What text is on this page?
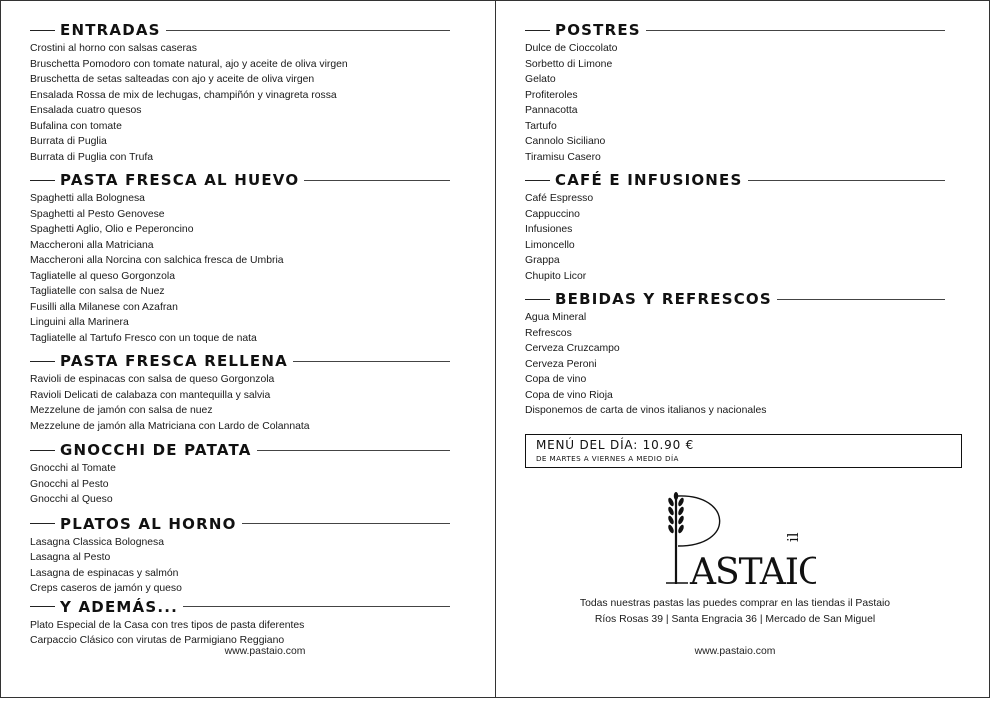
ENTRADAS
Crostini al horno con salsas caseras
Bruschetta Pomodoro con tomate natural, ajo y aceite de oliva virgen
Bruschetta de setas salteadas con ajo y aceite de oliva virgen
Ensalada Rossa de mix de lechugas, champiñón y vinagreta rossa
Ensalada cuatro quesos
Bufalina con tomate
Burrata di Puglia
Burrata di Puglia con Trufa
PASTA FRESCA AL HUEVO
Spaghetti alla Bolognesa
Spaghetti al Pesto Genovese
Spaghetti Aglio, Olio e Peperoncino
Maccheroni alla Matriciana
Maccheroni alla Norcina con salchica fresca de Umbria
Tagliatelle al queso Gorgonzola
Tagliatelle con salsa de Nuez
Fusilli alla Milanese con Azafran
Linguini alla Marinera
Tagliatelle al Tartufo Fresco con un toque de nata
PASTA FRESCA RELLENA
Ravioli de espinacas con salsa de queso Gorgonzola
Ravioli Delicati de calabaza con mantequilla y salvia
Mezzelune de jamón con salsa de nuez
Mezzelune de jamón alla Matriciana con Lardo de Colannata
GNOCCHI DE PATATA
Gnocchi al Tomate
Gnocchi al Pesto
Gnocchi al Queso
PLATOS AL HORNO
Lasagna Classica Bolognesa
Lasagna al Pesto
Lasagna de espinacas y salmón
Creps caseros de jamón y queso
Y ADEMÁS...
Plato Especial de la Casa con tres tipos de pasta diferentes
Carpaccio Clásico con virutas de Parmigiano Reggiano
www.pastaio.com
POSTRES
Dulce de Cioccolato
Sorbetto di Limone
Gelato
Profiteroles
Pannacotta
Tartufo
Cannolo Siciliano
Tiramisu Casero
CAFÉ E INFUSIONES
Café Espresso
Cappuccino
Infusiones
Limoncello
Grappa
Chupito Licor
BEBIDAS Y REFRESCOS
Agua Mineral
Refrescos
Cerveza Cruzcampo
Cerveza Peroni
Copa de vino
Copa de vino Rioja
Disponemos de carta de vinos italianos y nacionales
MENÚ DEL DÍA: 10.90 €
DE MARTES A VIERNES A MEDIO DÍA
ASTAIO
il
Todas nuestras pastas las puedes comprar en las tiendas il Pastaio
Ríos Rosas 39 | Santa Engracia 36 | Mercado de San Miguel
www.pastaio.com
